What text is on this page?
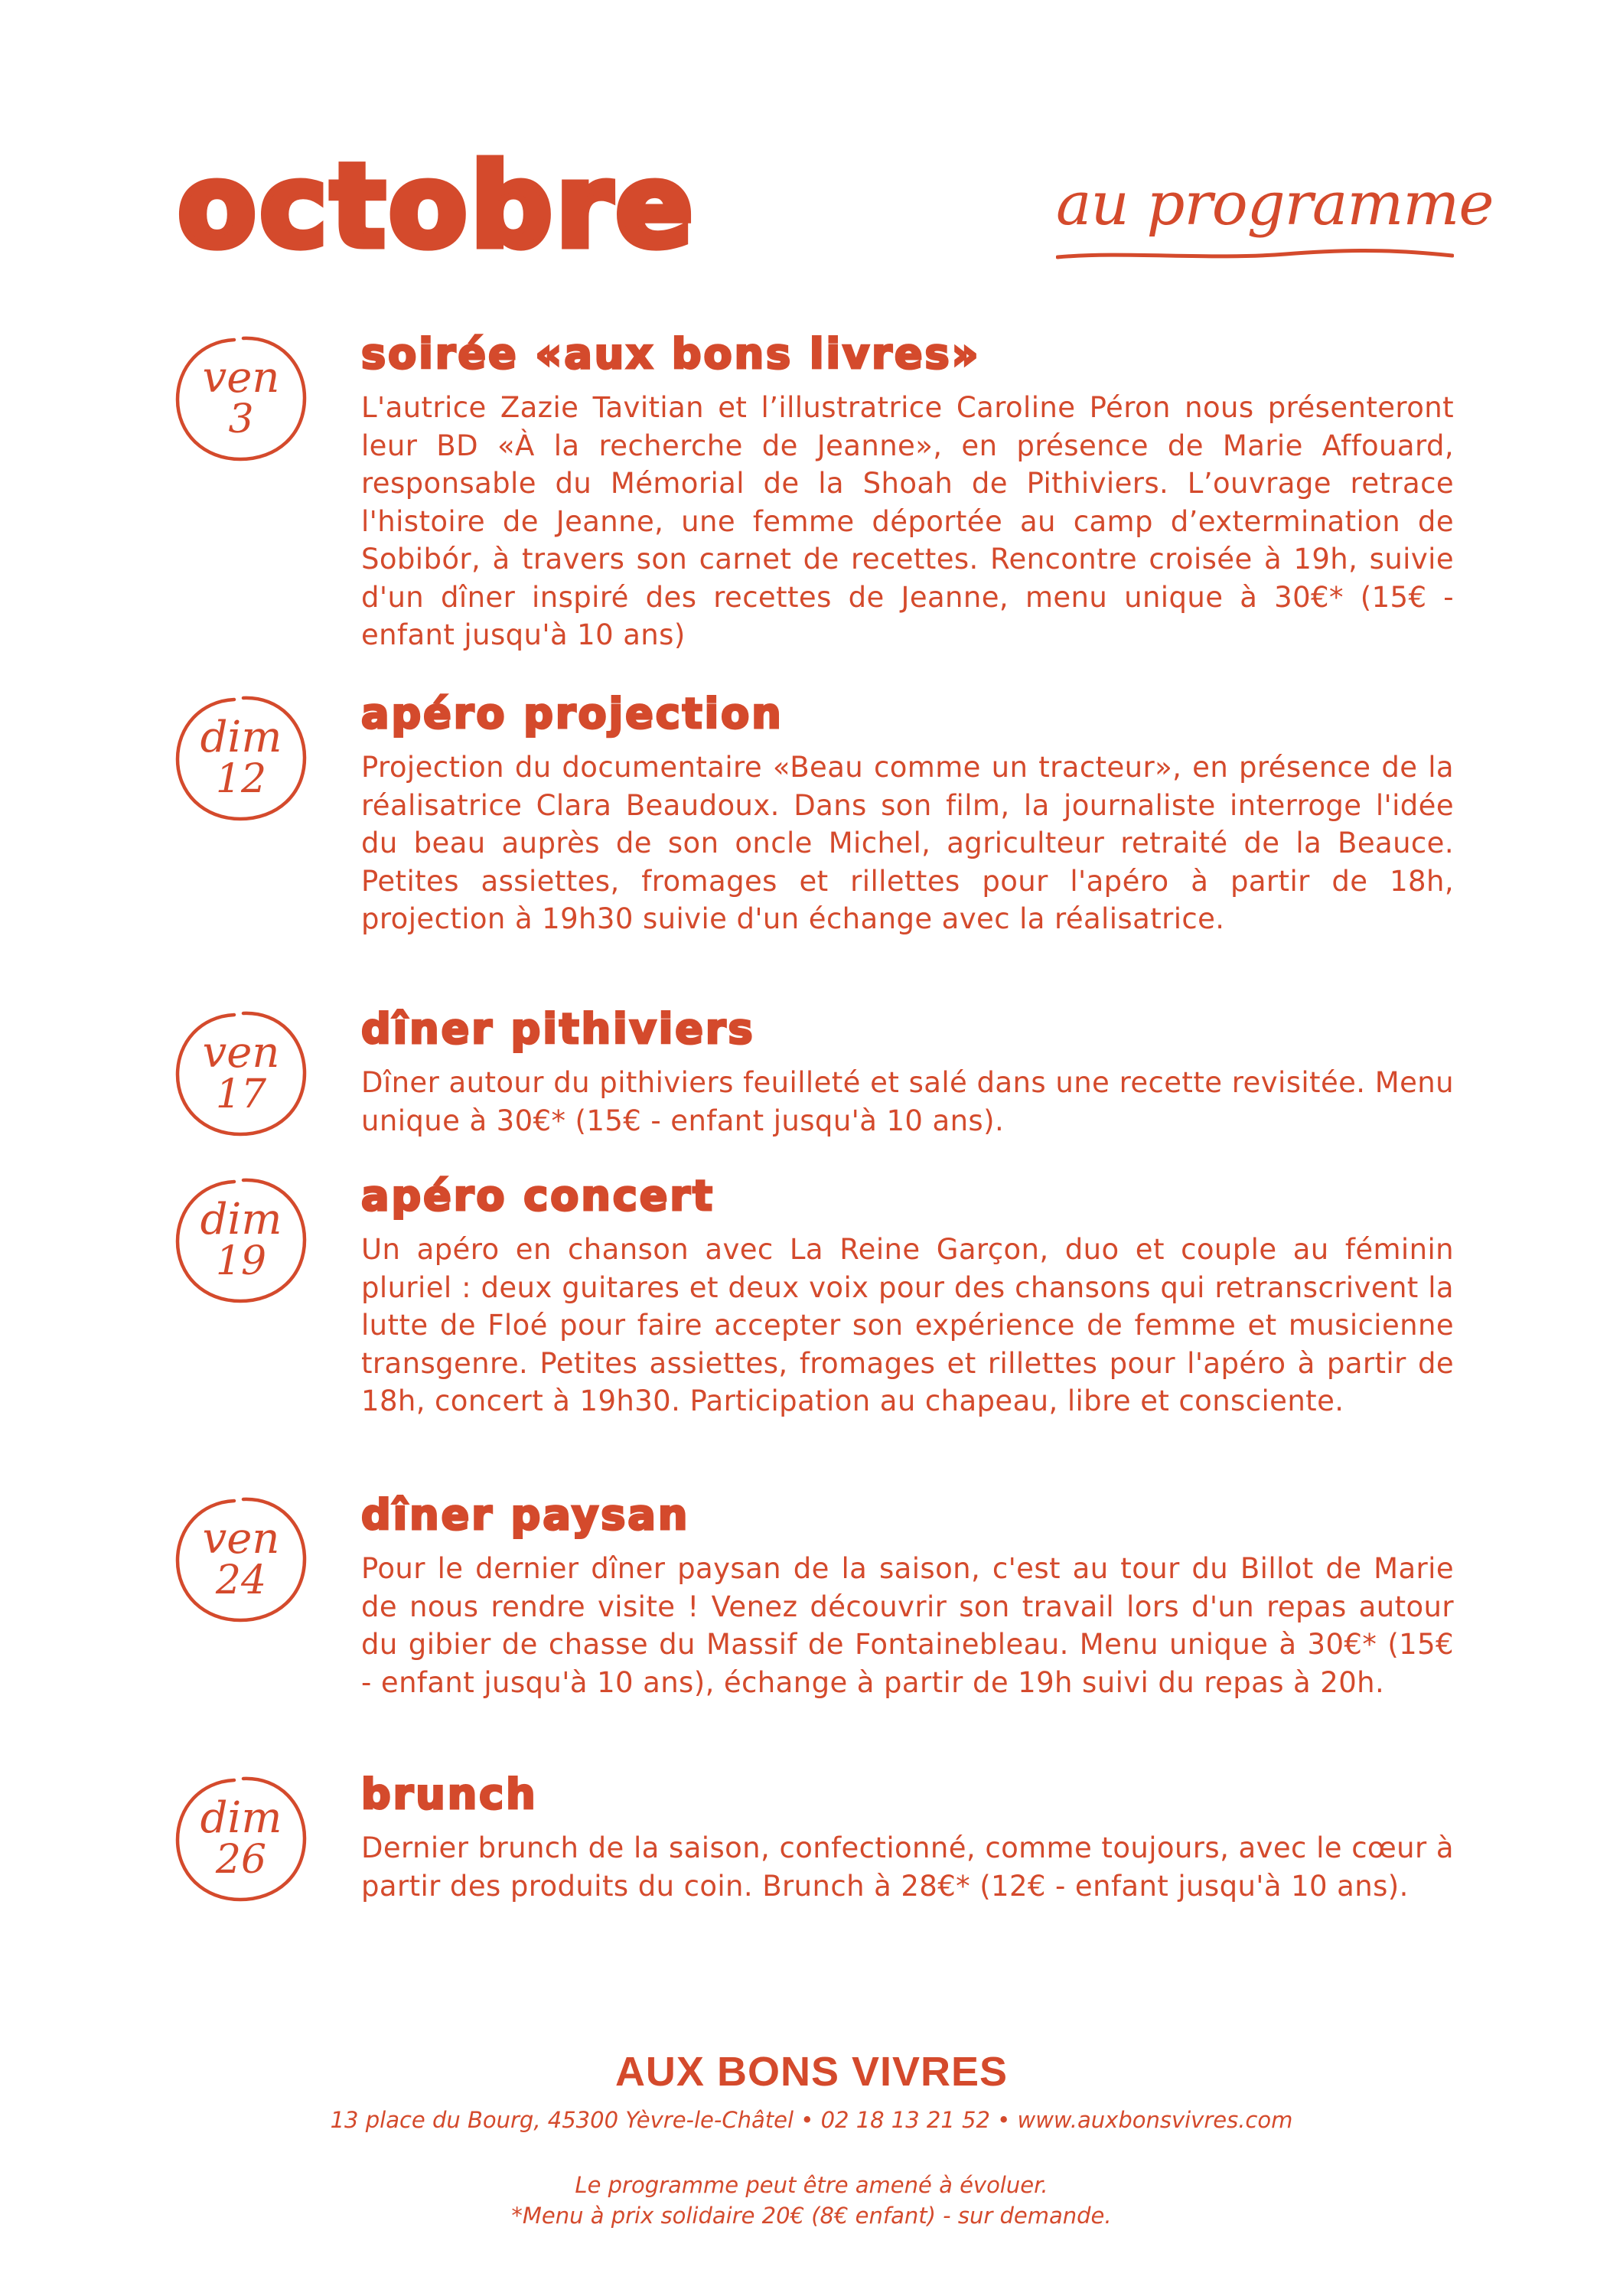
octobre	au programme
ven
3
soirée «aux bons livres»

L'autrice Zazie Tavitian et l’illustratrice Caroline Péron nous présenteront leur BD «À la recherche de Jeanne», en présence de Marie Affouard, responsable du Mémorial de la Shoah de Pithiviers. L’ouvrage retrace l'histoire de Jeanne, une femme déportée au camp d’extermination de Sobibór, à travers son carnet de recettes. Rencontre croisée à 19h, suivie d'un dîner inspiré des recettes de Jeanne, menu unique à 30€* (15€ - enfant jusqu'à 10 ans)

dim
12
apéro projection

Projection du documentaire «Beau comme un tracteur», en présence de la réalisatrice Clara Beaudoux. Dans son film, la journaliste interroge l'idée du beau auprès de son oncle Michel, agriculteur retraité de la Beauce. Petites assiettes, fromages et rillettes pour l'apéro à partir de 18h, projection à 19h30 suivie d'un échange avec la réalisatrice.

ven
17
dîner pithiviers

Dîner autour du pithiviers feuilleté et salé dans une recette revisitée. Menu unique à 30€* (15€ - enfant jusqu'à 10 ans).

dim
19
apéro concert

Un apéro en chanson avec La Reine Garçon, duo et couple au féminin pluriel : deux guitares et deux voix pour des chansons qui retranscrivent la lutte de Floé pour faire accepter son expérience de femme et musicienne transgenre. Petites assiettes, fromages et rillettes pour l'apéro à partir de 18h, concert à 19h30. Participation au chapeau, libre et consciente.

ven
24
dîner paysan

Pour le dernier dîner paysan de la saison, c'est au tour du Billot de Marie de nous rendre visite ! Venez découvrir son travail lors d'un repas autour du gibier de chasse du Massif de Fontainebleau. Menu unique à 30€* (15€ - enfant jusqu'à 10 ans), échange à partir de 19h suivi du repas à 20h.

dim
26
brunch

Dernier brunch de la saison, confectionné, comme toujours, avec le cœur à partir des produits du coin. Brunch à 28€* (12€ - enfant jusqu'à 10 ans).

AUX BONS VIVRES

13 place du Bourg, 45300 Yèvre-le-Châtel • 02 18 13 21 52 • www.auxbonsvivres.com

Le programme peut être amené à évoluer.

*Menu à prix solidaire 20€ (8€ enfant) - sur demande.
